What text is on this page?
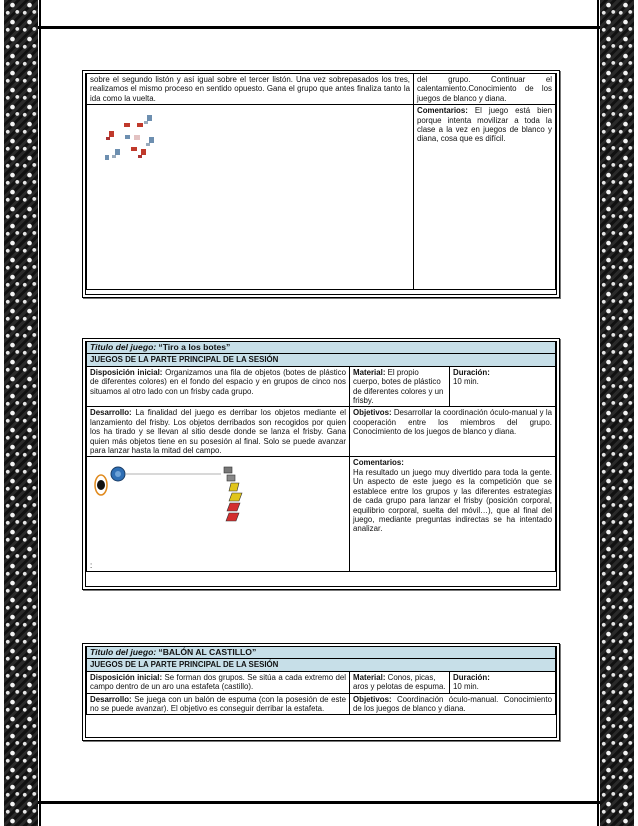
sobre el segundo listón y así igual sobre el tercer listón. Una vez sobrepasados los tres, realizamos el mismo proceso en sentido opuesto. Gana el grupo que antes finaliza tanto la ida como la vuelta.	del grupo. Continuar el calentamiento.Conocimiento de los juegos de blanco y diana.

	Comentarios: El juego está bien porque intenta movilizar a toda la clase a la vez en juegos de blanco y diana, cosa que es difícil.
Titulo del juego: “Tiro a los botes”		
JUEGOS DE LA PARTE PRINCIPAL DE LA SESIÓN		
Disposición inicial: Organizamos una fila de objetos (botes de plástico de diferentes colores) en el fondo del espacio y en grupos de cinco nos situamos al otro lado con un frisby cada grupo.	Material: El propio cuerpo, botes de plástico de diferentes colores y un frisby.	Duración:
10 min.
Desarrollo: La finalidad del juego es derribar los objetos mediante el lanzamiento del frisby. Los objetos derribados son recogidos por quien los ha tirado y se llevan al sitio desde donde se lanza el frisby. Gana quien más objetos tiene en su posesión al final. Solo se puede avanzar para lanzar hasta la mitad del campo.	Objetivos: Desarrollar la coordinación óculo-manual y la cooperación entre los miembros del grupo. Conocimiento de los juegos de blanco y diana.	

:	Comentarios:
Ha resultado un juego muy divertido para toda la gente. Un aspecto de este juego es la competición que se establece entre los grupos y las diferentes estrategias de cada grupo para lanzar el frisby (posición corporal, equilibrio corporal, suelta del móvil…), que al final del juego, mediante preguntas indirectas se ha intentado analizar.	
Titulo del juego: “BALÓN AL CASTILLO”		
JUEGOS DE LA PARTE PRINCIPAL DE LA SESIÓN		
Disposición inicial: Se forman dos grupos. Se sitúa a cada extremo del campo dentro de un aro una estafeta (castillo).	Material: Conos, picas, aros y pelotas de espuma.	Duración:
10 min.
Desarrollo: Se juega con un balón de espuma (con la posesión de este no se puede avanzar). El objetivo es conseguir derribar la estafeta.	Objetivos: Coordinación óculo-manual. Conocimiento de los juegos de blanco y diana.	
